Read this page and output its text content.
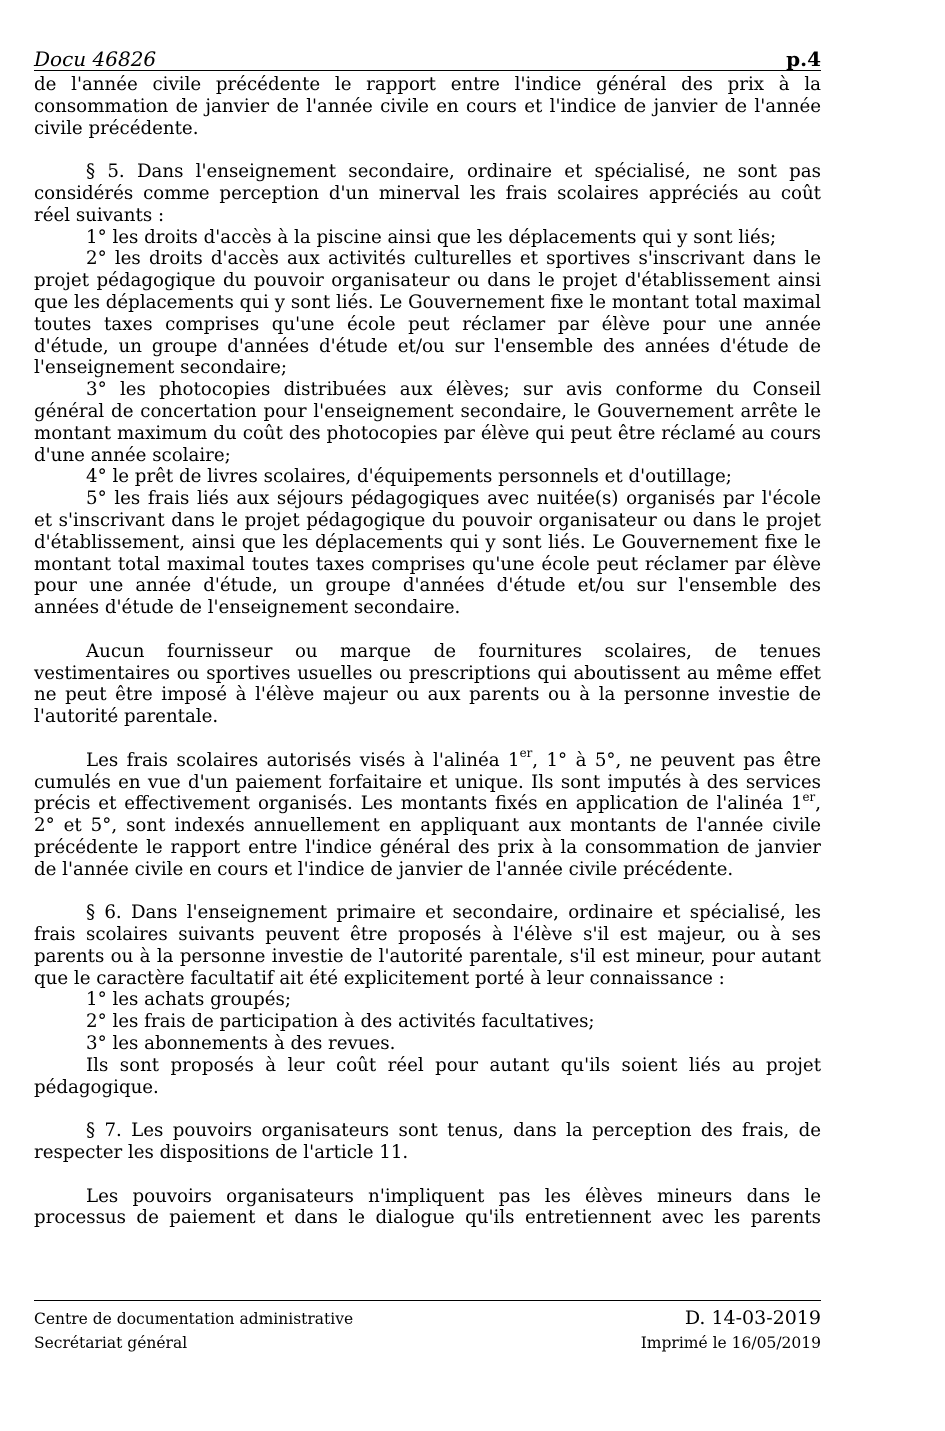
Docu 46826	p.4

de l'année civile précédente le rapport entre l'indice général des prix à la consommation de janvier de l'année civile en cours et l'indice de janvier de l'année civile précédente.

§ 5. Dans l'enseignement secondaire, ordinaire et spécialisé, ne sont pas considérés comme perception d'un minerval les frais scolaires appréciés au coût réel suivants :

1° les droits d'accès à la piscine ainsi que les déplacements qui y sont liés;

2° les droits d'accès aux activités culturelles et sportives s'inscrivant dans le projet pédagogique du pouvoir organisateur ou dans le projet d'établissement ainsi que les déplacements qui y sont liés. Le Gouvernement fixe le montant total maximal toutes taxes comprises qu'une école peut réclamer par élève pour une année d'étude, un groupe d'années d'étude et/ou sur l'ensemble des années d'étude de l'enseignement secondaire;

3° les photocopies distribuées aux élèves; sur avis conforme du Conseil général de concertation pour l'enseignement secondaire, le Gouvernement arrête le montant maximum du coût des photocopies par élève qui peut être réclamé au cours d'une année scolaire;

4° le prêt de livres scolaires, d'équipements personnels et d'outillage;

5° les frais liés aux séjours pédagogiques avec nuitée(s) organisés par l'école et s'inscrivant dans le projet pédagogique du pouvoir organisateur ou dans le projet d'établissement, ainsi que les déplacements qui y sont liés. Le Gouvernement fixe le montant total maximal toutes taxes comprises qu'une école peut réclamer par élève pour une année d'étude, un groupe d'années d'étude et/ou sur l'ensemble des années d'étude de l'enseignement secondaire.

Aucun fournisseur ou marque de fournitures scolaires, de tenues vestimentaires ou sportives usuelles ou prescriptions qui aboutissent au même effet ne peut être imposé à l'élève majeur ou aux parents ou à la personne investie de l'autorité parentale.

Les frais scolaires autorisés visés à l'alinéa 1er, 1° à 5°, ne peuvent pas être cumulés en vue d'un paiement forfaitaire et unique. Ils sont imputés à des services précis et effectivement organisés. Les montants fixés en application de l'alinéa 1er, 2° et 5°, sont indexés annuellement en appliquant aux montants de l'année civile précédente le rapport entre l'indice général des prix à la consommation de janvier de l'année civile en cours et l'indice de janvier de l'année civile précédente.

§ 6. Dans l'enseignement primaire et secondaire, ordinaire et spécialisé, les frais scolaires suivants peuvent être proposés à l'élève s'il est majeur, ou à ses parents ou à la personne investie de l'autorité parentale, s'il est mineur, pour autant que le caractère facultatif ait été explicitement porté à leur connaissance :

1° les achats groupés;

2° les frais de participation à des activités facultatives;

3° les abonnements à des revues.

Ils sont proposés à leur coût réel pour autant qu'ils soient liés au projet pédagogique.

§ 7. Les pouvoirs organisateurs sont tenus, dans la perception des frais, de respecter les dispositions de l'article 11.

Les pouvoirs organisateurs n'impliquent pas les élèves mineurs dans le processus de paiement et dans le dialogue qu'ils entretiennent avec les parents

Centre de documentation administrative
Secrétariat général
D. 14-03-2019
Imprimé le 16/05/2019
